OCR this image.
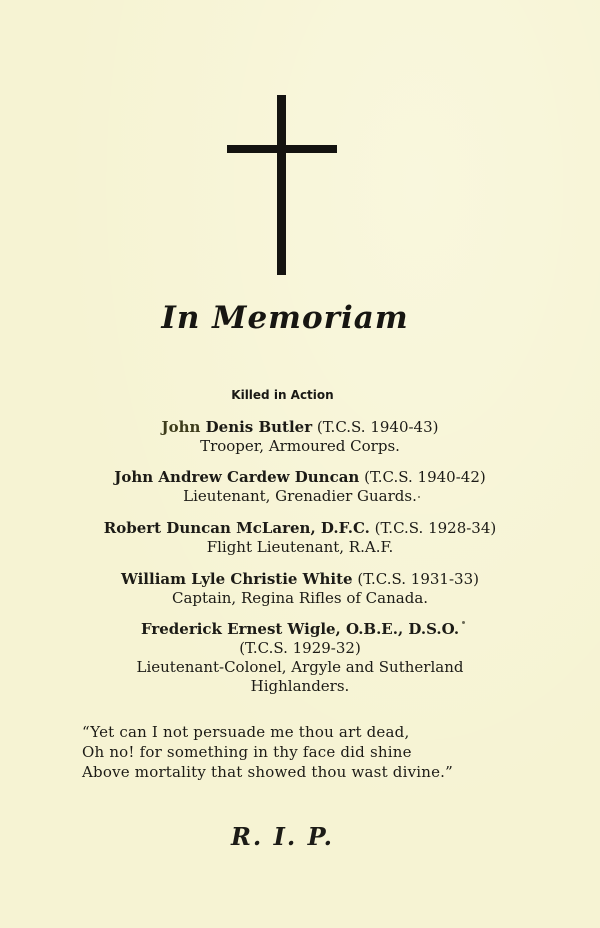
In Memoriam
Killed in Action
John Denis Butler (T.C.S. 1940-43)
Trooper, Armoured Corps.
John Andrew Cardew Duncan (T.C.S. 1940-42)
Lieutenant, Grenadier Guards.
Robert Duncan McLaren, D.F.C. (T.C.S. 1928-34)
Flight Lieutenant, R.A.F.
William Lyle Christie White (T.C.S. 1931-33)
Captain, Regina Rifles of Canada.
Frederick Ernest Wigle, O.B.E., D.S.O.
(T.C.S. 1929-32)
Lieutenant-Colonel, Argyle and Sutherland
Highlanders.
“Yet can I not persuade me thou art dead,
Oh no! for something in thy face did shine
Above mortality that showed thou wast divine.”
R. I. P.
